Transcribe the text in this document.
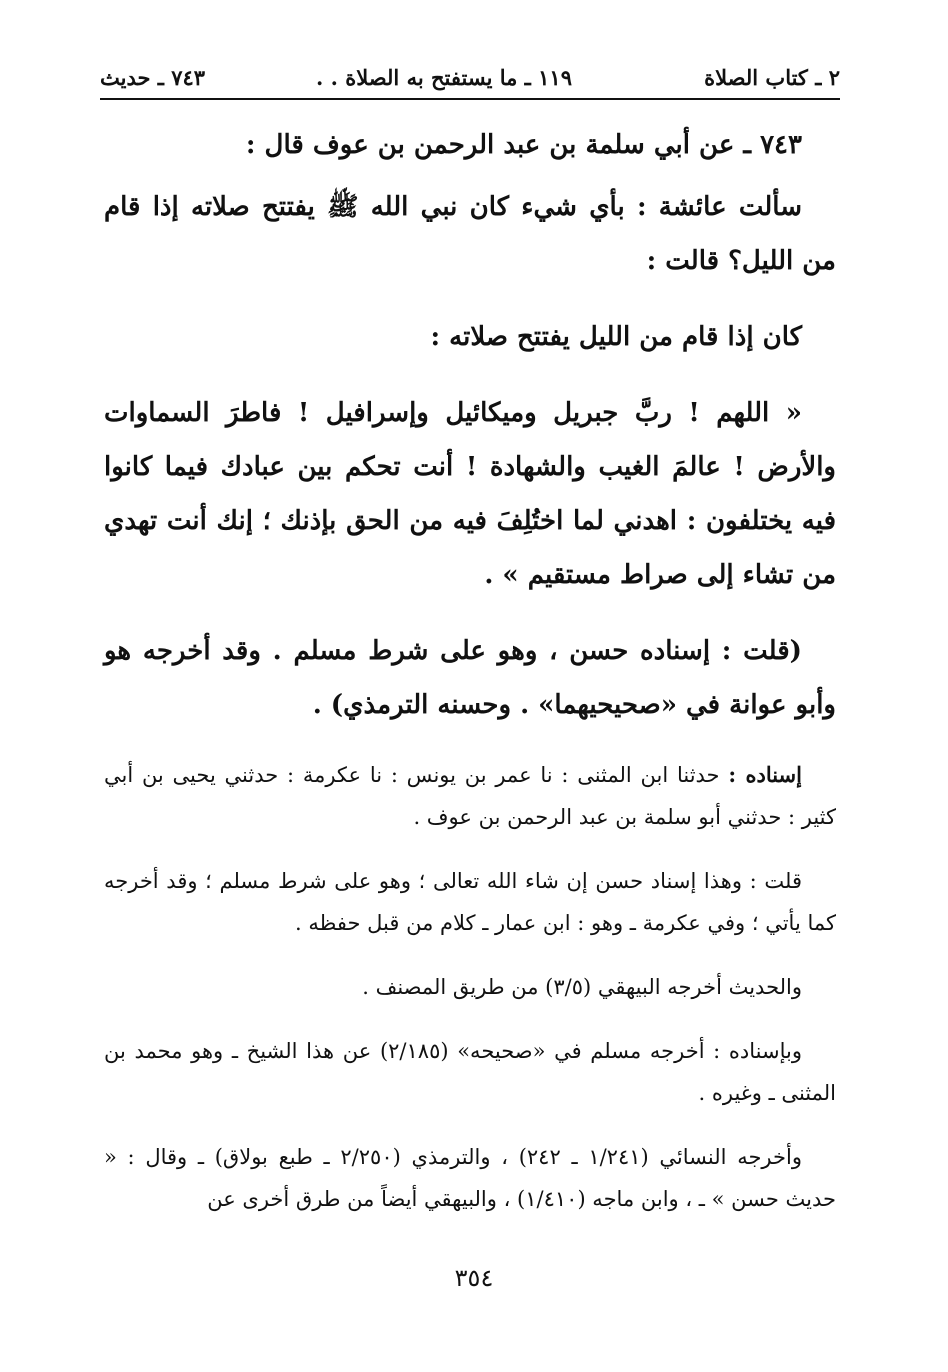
٢ ـ كتاب الصلاة
١١٩ ـ ما يستفتح به الصلاة . .
٧٤٣ ـ حديث

٧٤٣ ـ عن أبي سلمة بن عبد الرحمن بن عوف قال :

سألت عائشة : بأي شيء كان نبي الله ﷺ يفتتح صلاته إذا قام من الليل؟ قالت :

كان إذا قام من الليل يفتتح صلاته :

« اللهم ! ربَّ جبريل وميكائيل وإسرافيل ! فاطرَ السماوات والأرض ! عالمَ الغيب والشهادة ! أنت تحكم بين عبادك فيما كانوا فيه يختلفون : اهدني لما اختُلِفَ فيه من الحق بإذنك ؛ إنك أنت تهدي من تشاء إلى صراط مستقيم » .

(قلت : إسناده حسن ، وهو على شرط مسلم . وقد أخرجه هو وأبو عوانة في «صحيحيهما» . وحسنه الترمذي) .

إسناده : حدثنا ابن المثنى : نا عمر بن يونس : نا عكرمة : حدثني يحيى بن أبي كثير : حدثني أبو سلمة بن عبد الرحمن بن عوف .

قلت : وهذا إسناد حسن إن شاء الله تعالى ؛ وهو على شرط مسلم ؛ وقد أخرجه كما يأتي ؛ وفي عكرمة ـ وهو : ابن عمار ـ كلام من قبل حفظه .

والحديث أخرجه البيهقي (٣/٥) من طريق المصنف .

وبإسناده : أخرجه مسلم في «صحيحه» (٢/١٨٥) عن هذا الشيخ ـ وهو محمد بن المثنى ـ وغيره .

وأخرجه النسائي (١/٢٤١ ـ ٢٤٢) ، والترمذي (٢/٢٥٠ ـ طبع بولاق) ـ وقال : « حديث حسن » ـ ، وابن ماجه (١/٤١٠) ، والبيهقي أيضاً من طرق أخرى عن

٣٥٤
